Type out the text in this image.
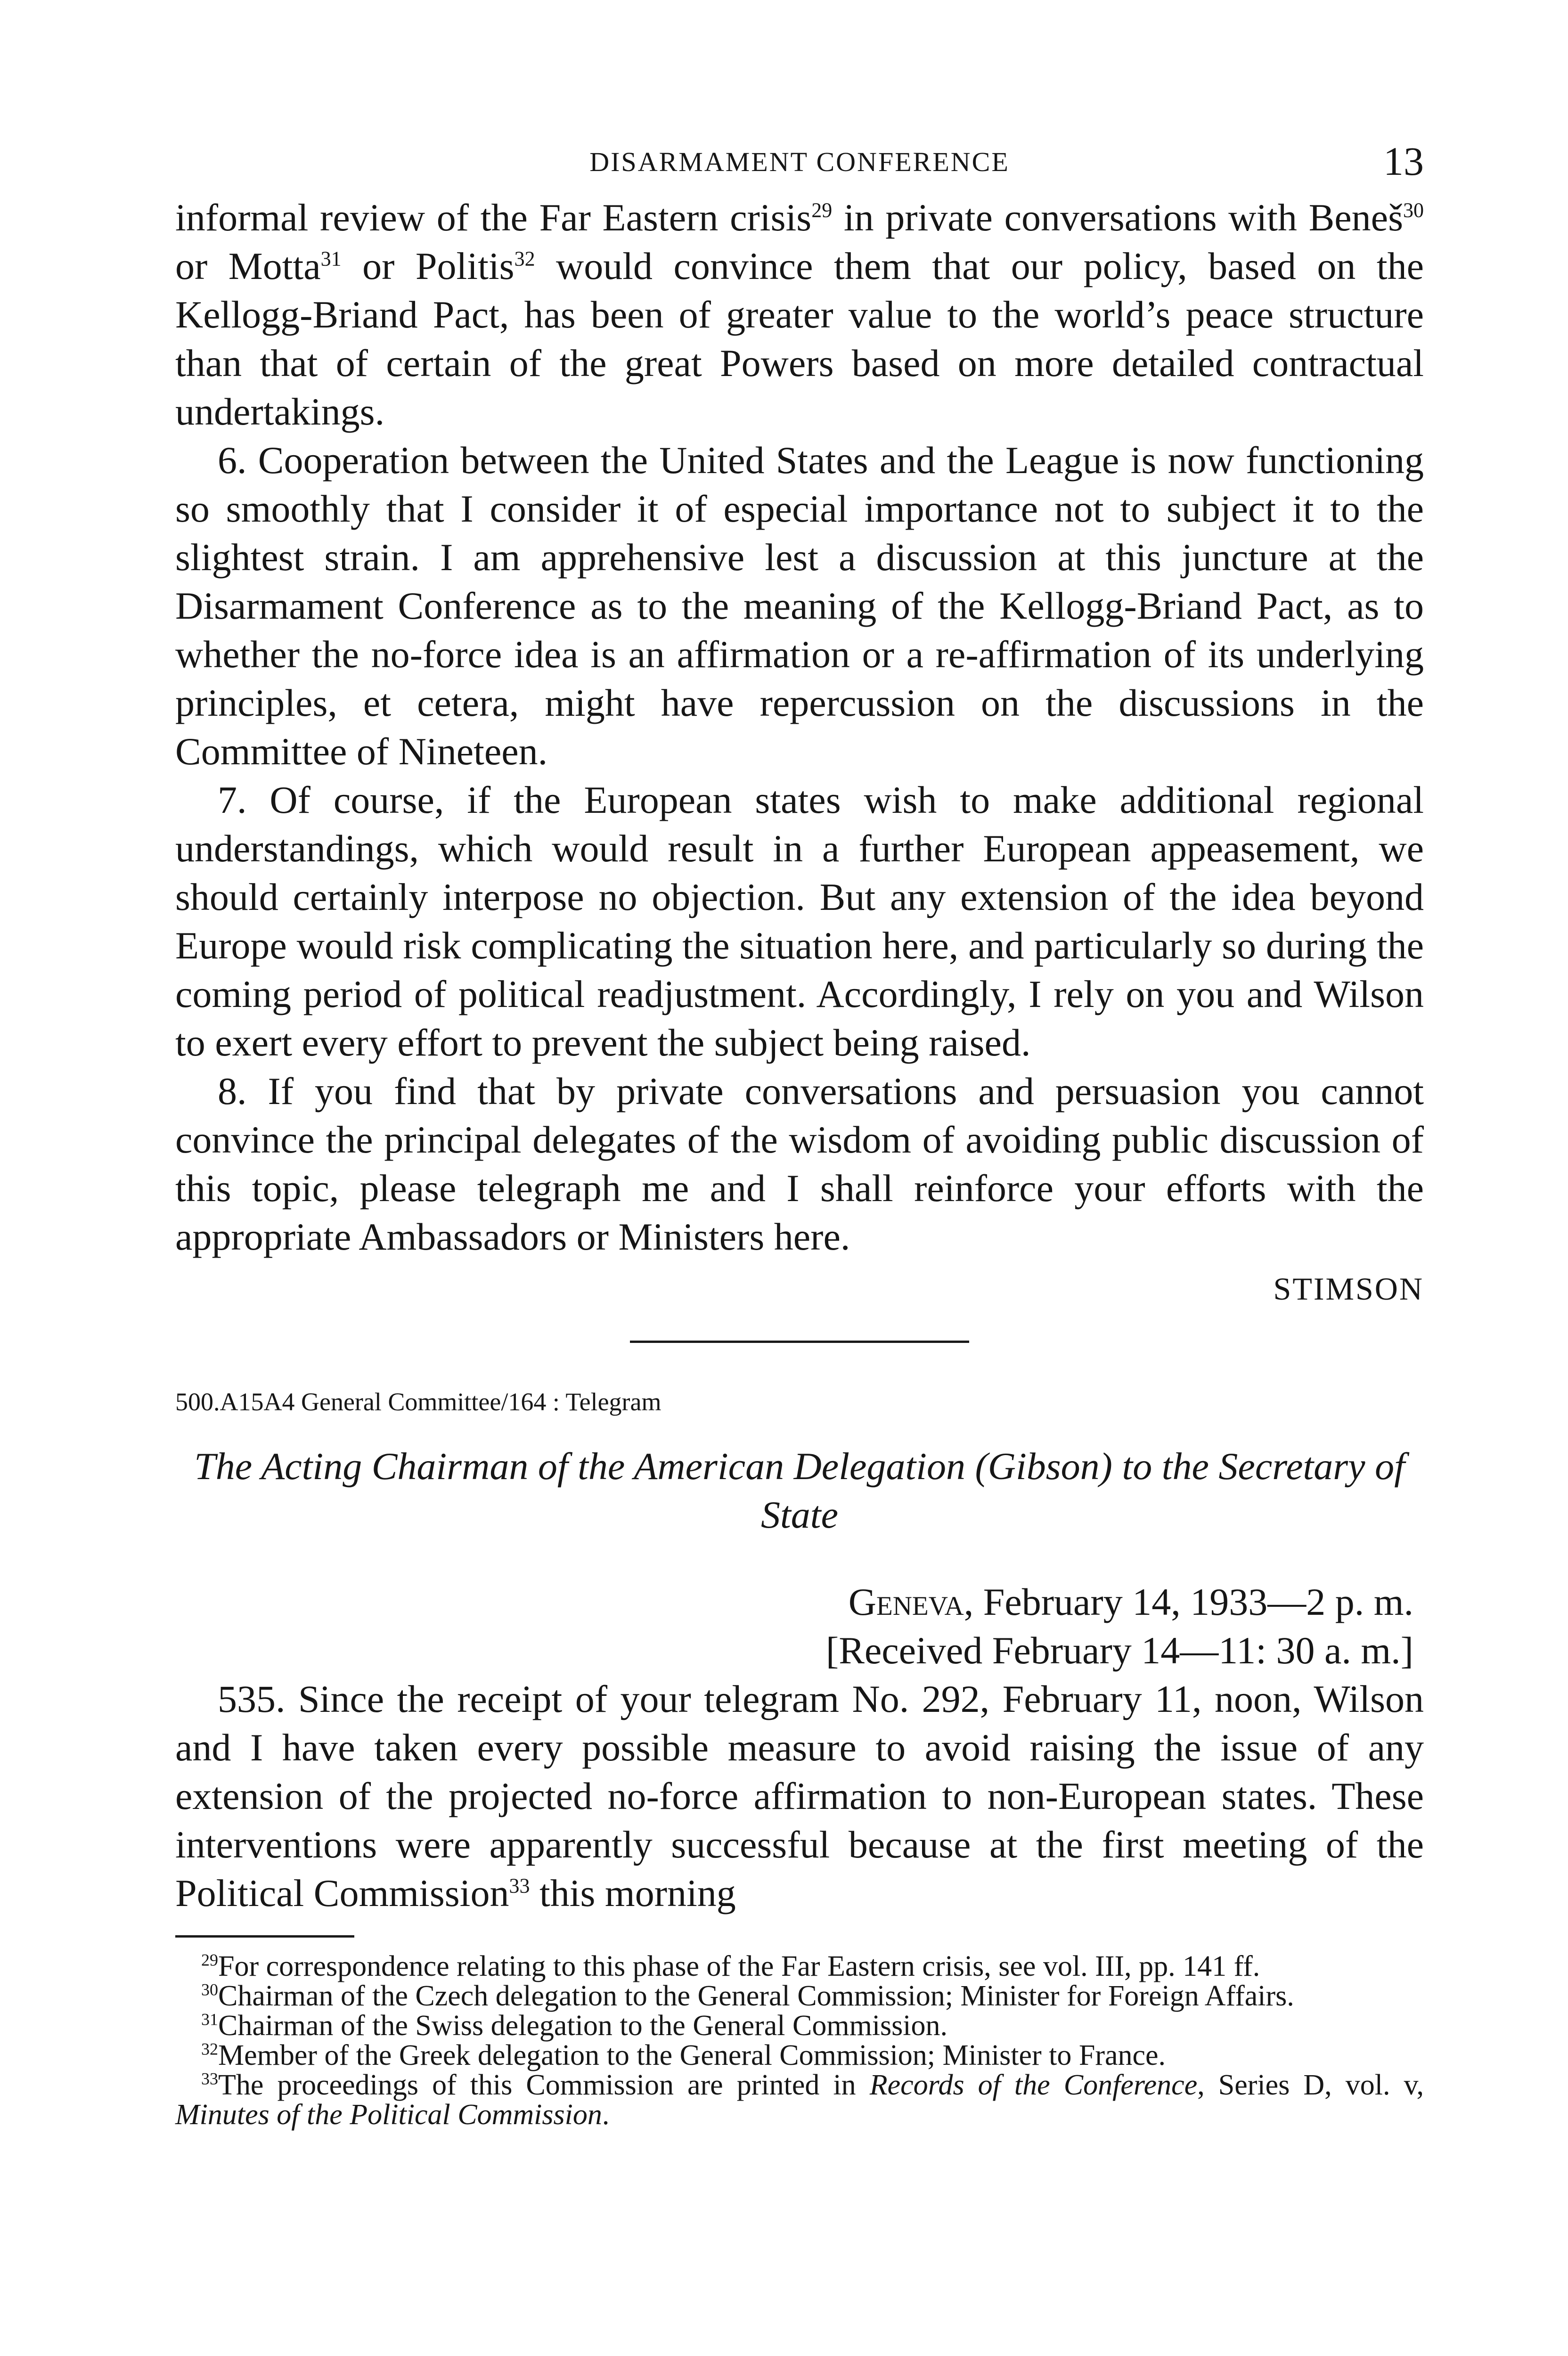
DISARMAMENT CONFERENCE	13

informal review of the Far Eastern crisis$^{29}$ in private conversations with Beneš$^{30}$ or Motta$^{31}$ or Politis$^{32}$ would convince them that our policy, based on the Kellogg-Briand Pact, has been of greater value to the world’s peace structure than that of certain of the great Powers based on more detailed contractual undertakings.

6. Cooperation between the United States and the League is now functioning so smoothly that I consider it of especial importance not to subject it to the slightest strain. I am apprehensive lest a discussion at this juncture at the Disarmament Conference as to the meaning of the Kellogg-Briand Pact, as to whether the no-force idea is an affirmation or a re-affirmation of its underlying principles, et cetera, might have repercussion on the discussions in the Committee of Nineteen.

7. Of course, if the European states wish to make additional regional understandings, which would result in a further European appeasement, we should certainly interpose no objection. But any extension of the idea beyond Europe would risk complicating the situation here, and particularly so during the coming period of political readjustment. Accordingly, I rely on you and Wilson to exert every effort to prevent the subject being raised.

8. If you find that by private conversations and persuasion you cannot convince the principal delegates of the wisdom of avoiding public discussion of this topic, please telegraph me and I shall reinforce your efforts with the appropriate Ambassadors or Ministers here.

STIMSON
500.A15A4 General Committee/164 : Telegram
The Acting Chairman of the American Delegation (Gibson) to the Secretary of State
Geneva, February 14, 1933—2 p. m.
[Received February 14—11: 30 a. m.]

535. Since the receipt of your telegram No. 292, February 11, noon, Wilson and I have taken every possible measure to avoid raising the issue of any extension of the projected no-force affirmation to non-European states. These interventions were apparently successful because at the first meeting of the Political Commission$^{33}$ this morning

$^{29}$For correspondence relating to this phase of the Far Eastern crisis, see vol. III, pp. 141 ff.

$^{30}$Chairman of the Czech delegation to the General Commission; Minister for Foreign Affairs.

$^{31}$Chairman of the Swiss delegation to the General Commission.

$^{32}$Member of the Greek delegation to the General Commission; Minister to France.

$^{33}$The proceedings of this Commission are printed in Records of the Conference, Series D, vol. v, Minutes of the Political Commission.
